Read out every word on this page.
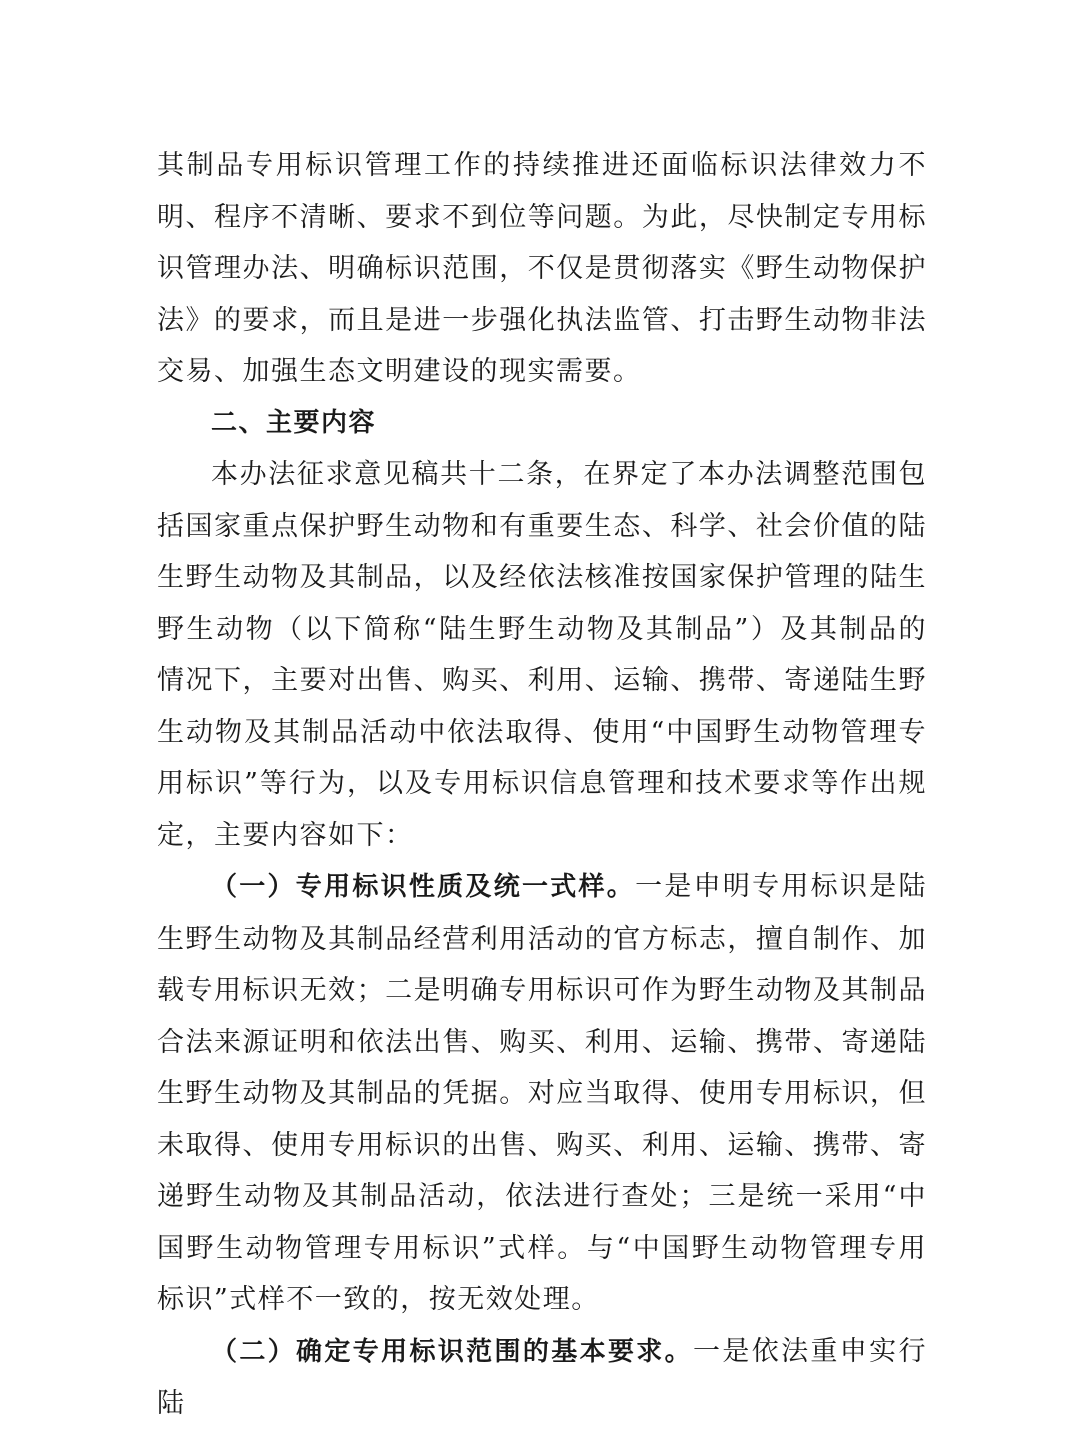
其制品专用标识管理工作的持续推进还面临标识法律效力不明、程序不清晰、要求不到位等问题。为此，尽快制定专用标识管理办法、明确标识范围，不仅是贯彻落实《野生动物保护法》的要求，而且是进一步强化执法监管、打击野生动物非法交易、加强生态文明建设的现实需要。

二、主要内容

本办法征求意见稿共十二条，在界定了本办法调整范围包括国家重点保护野生动物和有重要生态、科学、社会价值的陆生野生动物及其制品，以及经依法核准按国家保护管理的陆生野生动物（以下简称“陆生野生动物及其制品”）及其制品的情况下，主要对出售、购买、利用、运输、携带、寄递陆生野生动物及其制品活动中依法取得、使用“中国野生动物管理专用标识”等行为，以及专用标识信息管理和技术要求等作出规定，主要内容如下：

（一）专用标识性质及统一式样。一是申明专用标识是陆生野生动物及其制品经营利用活动的官方标志，擅自制作、加载专用标识无效；二是明确专用标识可作为野生动物及其制品合法来源证明和依法出售、购买、利用、运输、携带、寄递陆生野生动物及其制品的凭据。对应当取得、使用专用标识，但未取得、使用专用标识的出售、购买、利用、运输、携带、寄递野生动物及其制品活动，依法进行查处；三是统一采用“中国野生动物管理专用标识”式样。与“中国野生动物管理专用标识”式样不一致的，按无效处理。

（二）确定专用标识范围的基本要求。一是依法重申实行陆
